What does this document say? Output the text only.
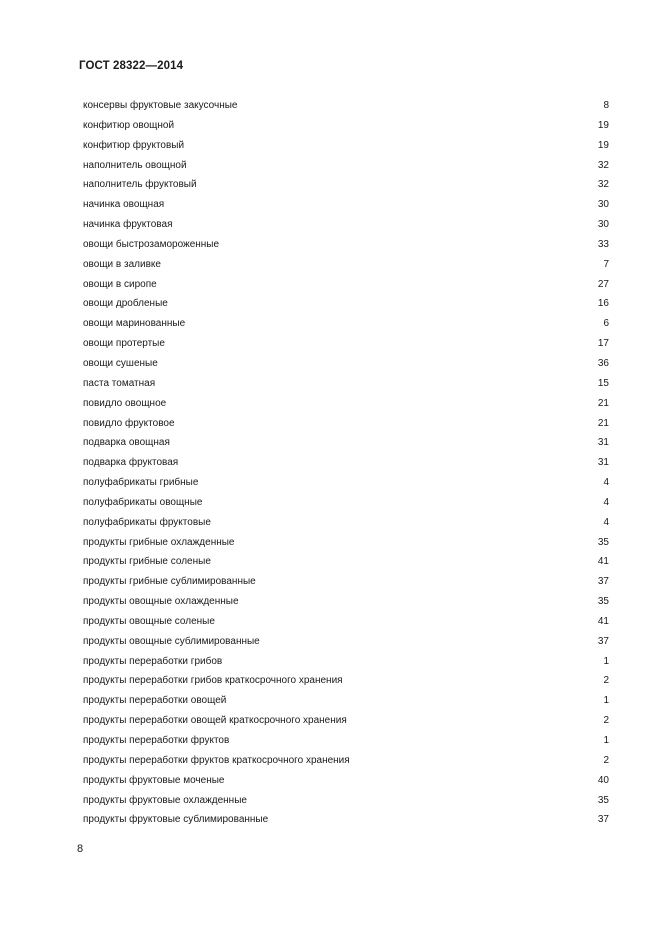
ГОСТ 28322—2014
консервы фруктовые закусочные	8
конфитюр овощной	19
конфитюр фруктовый	19
наполнитель овощной	32
наполнитель фруктовый	32
начинка овощная	30
начинка фруктовая	30
овощи быстрозамороженные	33
овощи в заливке	7
овощи в сиропе	27
овощи дробленые	16
овощи маринованные	6
овощи протертые	17
овощи сушеные	36
паста томатная	15
повидло овощное	21
повидло фруктовое	21
подварка овощная	31
подварка фруктовая	31
полуфабрикаты грибные	4
полуфабрикаты овощные	4
полуфабрикаты фруктовые	4
продукты грибные охлажденные	35
продукты грибные соленые	41
продукты грибные сублимированные	37
продукты овощные охлажденные	35
продукты овощные соленые	41
продукты овощные сублимированные	37
продукты переработки грибов	1
продукты переработки грибов краткосрочного хранения	2
продукты переработки овощей	1
продукты переработки овощей краткосрочного хранения	2
продукты переработки фруктов	1
продукты переработки фруктов краткосрочного хранения	2
продукты фруктовые моченые	40
продукты фруктовые охлажденные	35
продукты фруктовые сублимированные	37
8
